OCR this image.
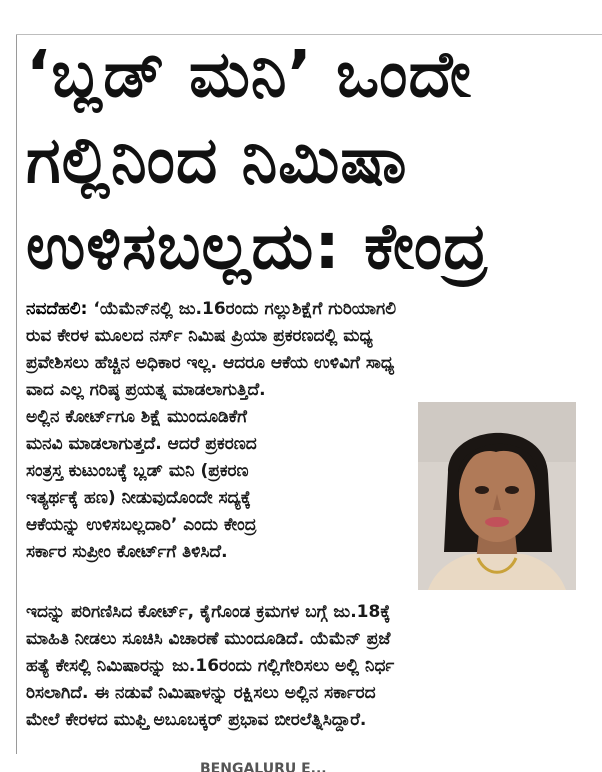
‘ಬ್ಲಡ್ ಮನಿ’ ಒಂದೇ
ಗಲ್ಲಿನಿಂದ ನಿಮಿಷಾ
ಉಳಿಸಬಲ್ಲದು: ಕೇಂದ್ರ
ನವದೆಹಲಿ: ‘ಯೆಮೆನ್‌ನಲ್ಲಿ ಜು.16ರಂದು ಗಲ್ಲುಶಿಕ್ಷೆಗೆ ಗುರಿಯಾಗಲಿ
ರುವ ಕೇರಳ ಮೂಲದ ನರ್ಸ್ ನಿಮಿಷ ಪ್ರಿಯಾ ಪ್ರಕರಣದಲ್ಲಿ ಮಧ್ಯ
ಪ್ರವೇಶಿಸಲು ಹೆಚ್ಚಿನ ಅಧಿಕಾರ ಇಲ್ಲ. ಆದರೂ ಆಕೆಯ ಉಳಿವಿಗೆ ಸಾಧ್ಯ
ವಾದ ಎಲ್ಲ ಗರಿಷ್ಠ ಪ್ರಯತ್ನ ಮಾಡಲಾಗುತ್ತಿದೆ.
ಅಲ್ಲಿನ ಕೋರ್ಟ್‌ಗೂ ಶಿಕ್ಷೆ ಮುಂದೂಡಿಕೆಗೆ
ಮನವಿ ಮಾಡಲಾಗುತ್ತದೆ. ಆದರೆ ಪ್ರಕರಣದ
ಸಂತ್ರಸ್ತ ಕುಟುಂಬಕ್ಕೆ ಬ್ಲಡ್ ಮನಿ (ಪ್ರಕರಣ
ಇತ್ಯರ್ಥಕ್ಕೆ ಹಣ) ನೀಡುವುದೊಂದೇ ಸದ್ಯಕ್ಕೆ
ಆಕೆಯನ್ನು ಉಳಿಸಬಲ್ಲದಾರಿ’ ಎಂದು ಕೇಂದ್ರ
ಸರ್ಕಾರ ಸುಪ್ರೀಂ ಕೋರ್ಟ್‌ಗೆ ತಿಳಿಸಿದೆ.
ಇದನ್ನು ಪರಿಗಣಿಸಿದ ಕೋರ್ಟ್, ಕೈಗೊಂಡ ಕ್ರಮಗಳ ಬಗ್ಗೆ ಜು.18ಕ್ಕೆ
ಮಾಹಿತಿ ನೀಡಲು ಸೂಚಿಸಿ ವಿಚಾರಣೆ ಮುಂದೂಡಿದೆ. ಯೆಮೆನ್ ಪ್ರಜೆ
ಹತ್ಯೆ ಕೇಸಲ್ಲಿ ನಿಮಿಷಾರನ್ನು ಜು.16ರಂದು ಗಲ್ಲಿಗೇರಿಸಲು ಅಲ್ಲಿ ನಿರ್ಧ
ರಿಸಲಾಗಿದೆ. ಈ ನಡುವೆ ನಿಮಿಷಾಳನ್ನು ರಕ್ಷಿಸಲು ಅಲ್ಲಿನ ಸರ್ಕಾರದ
ಮೇಲೆ ಕೇರಳದ ಮುಫ್ತಿ ಅಬೂಬಕ್ಕರ್ ಪ್ರಭಾವ ಬೀರಲೆತ್ನಿಸಿದ್ದಾರೆ.
BENGALURU E...
